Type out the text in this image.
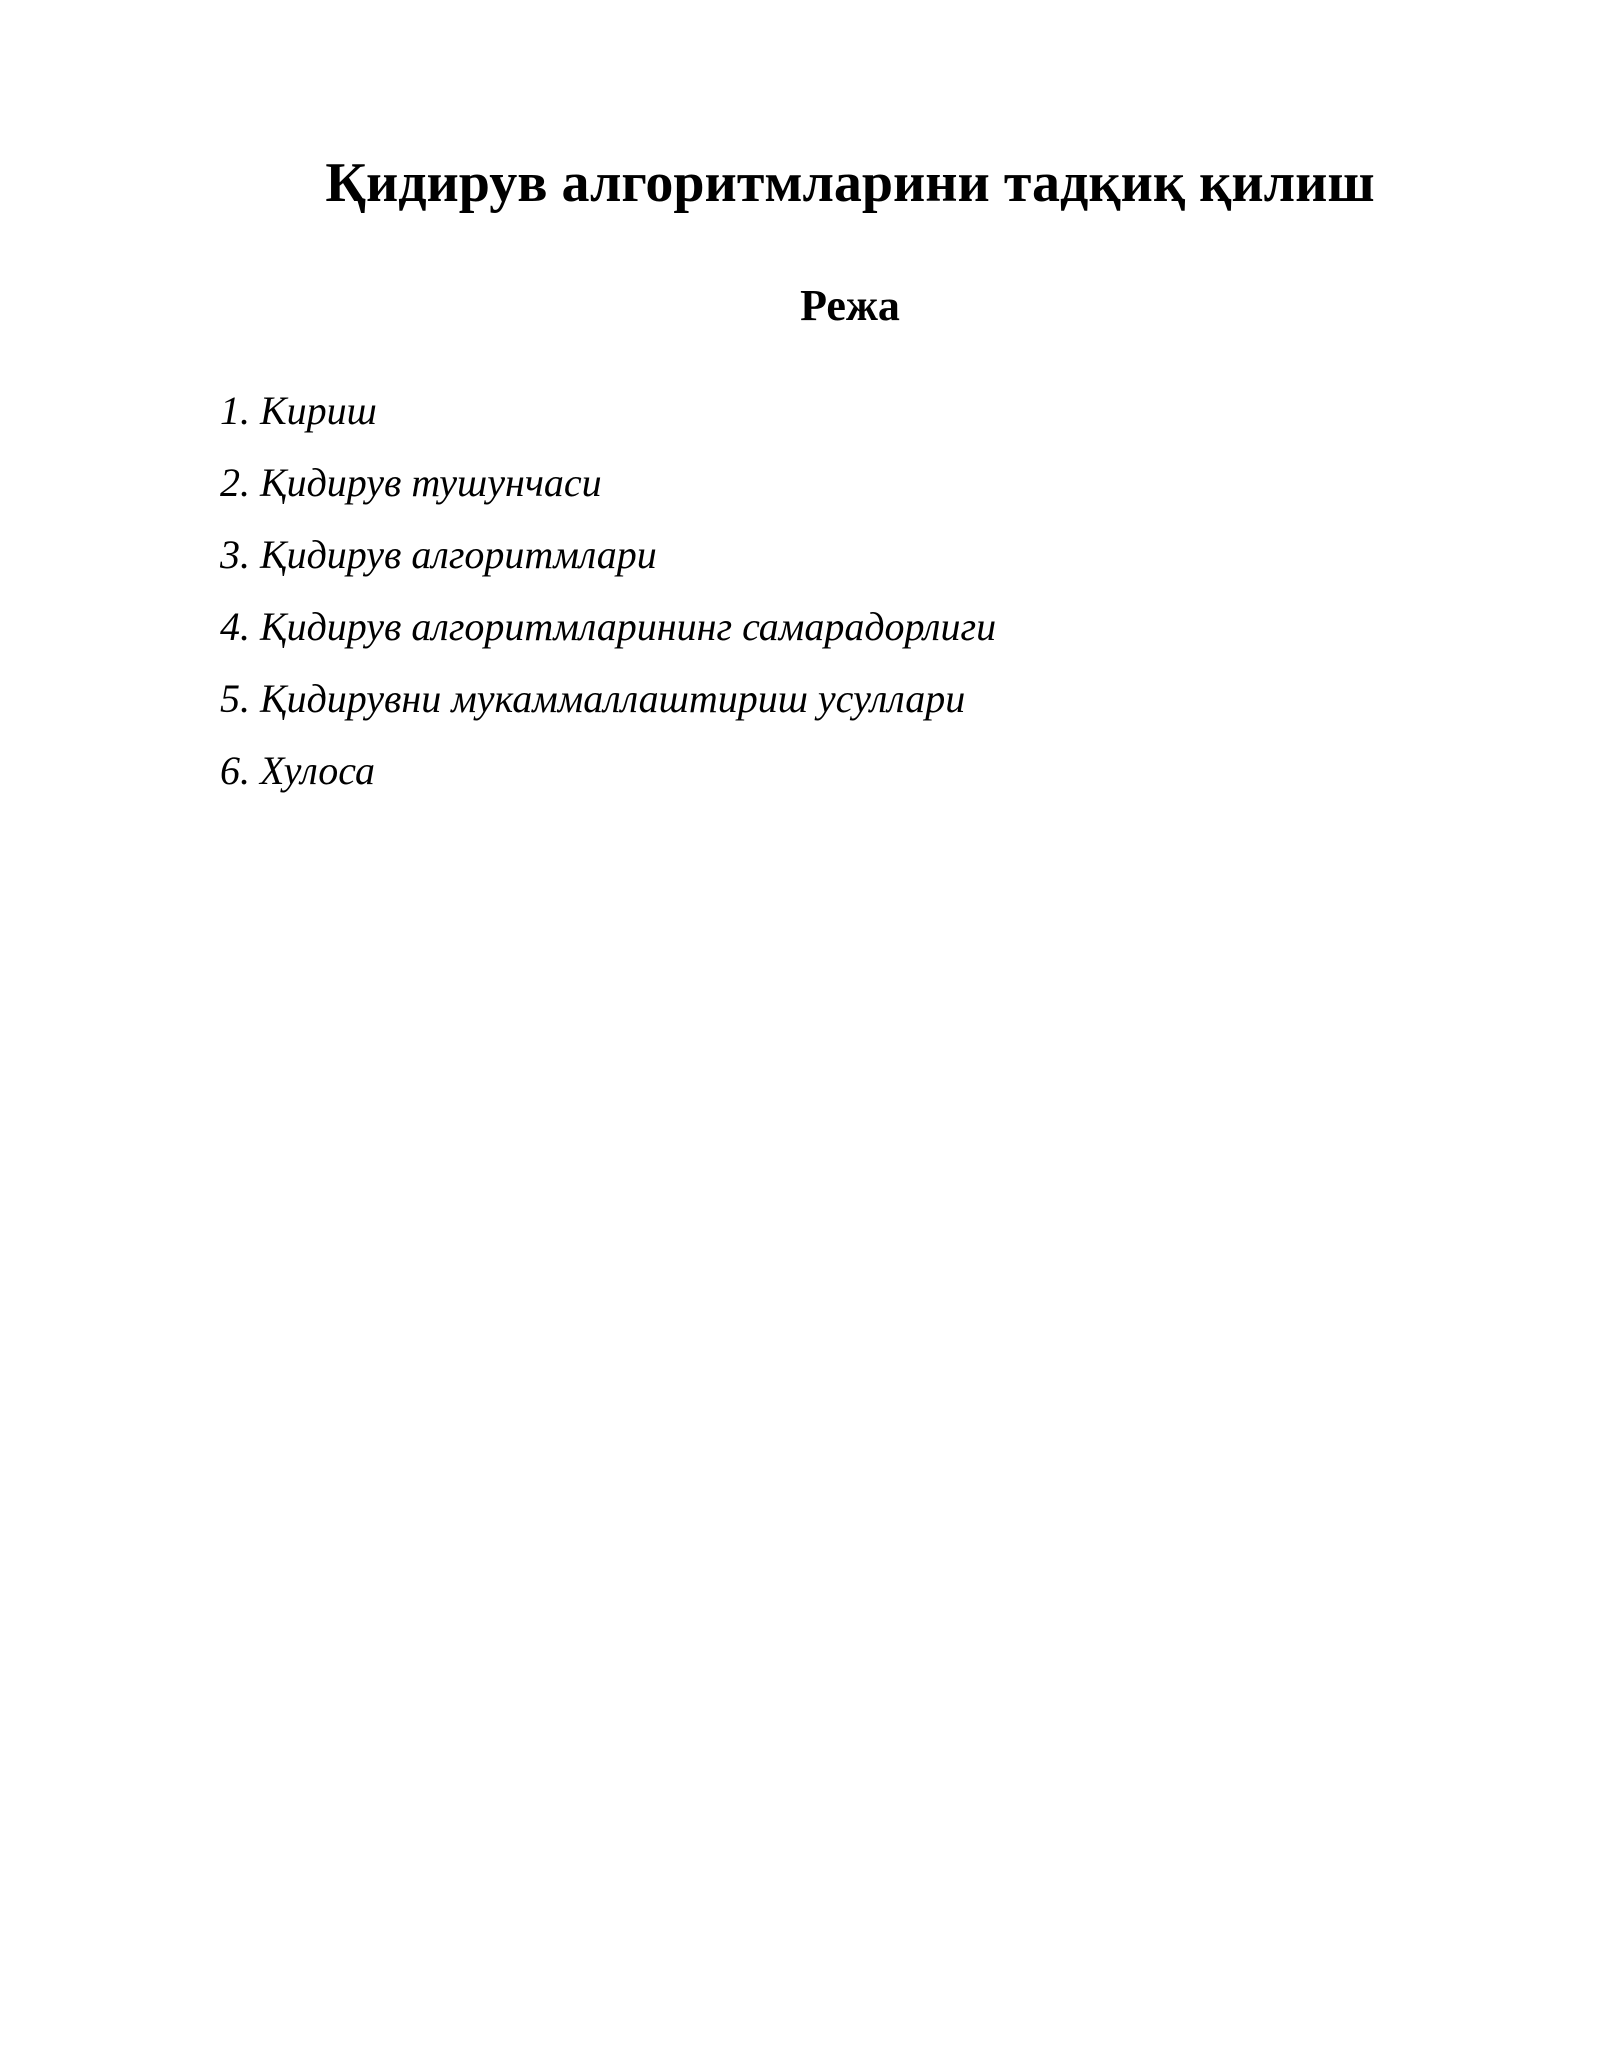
Қидирув алгоритмларини тадқиқ қилиш
Режа
1. Кириш
2. Қидирув тушунчаси
3. Қидирув алгоритмлари
4. Қидирув алгоритмларининг самарадорлиги
5. Қидирувни мукаммаллаштириш усуллари
6. Хулоса
